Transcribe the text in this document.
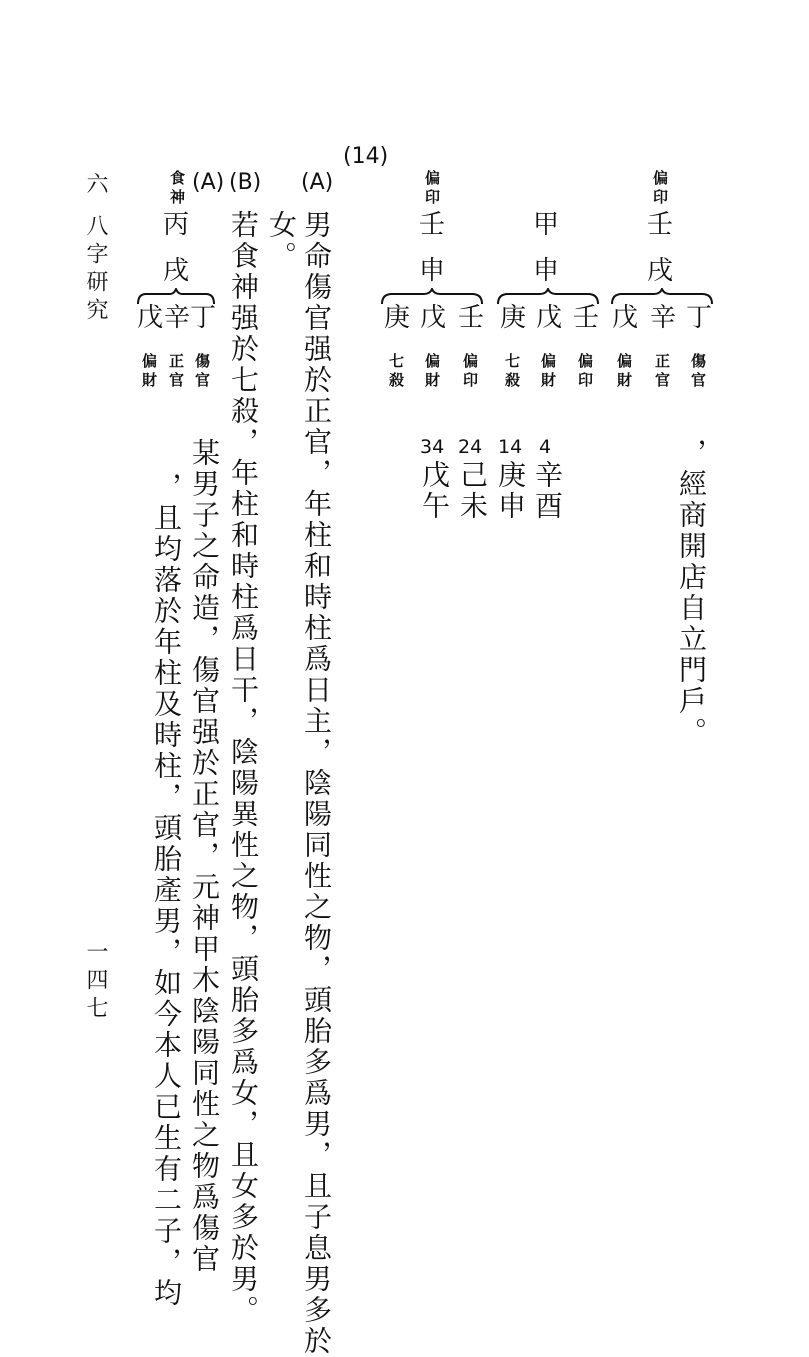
(14)
偏印
壬
戌
丁
辛
戊
傷官
正官
偏財
，經商開店自立門戶。
甲
申
偏印
壬
申
壬
戊
庚
壬
戊
庚
偏印
偏財
七殺
偏印
偏財
七殺
4
辛酉
14
庚申
24
己未
34
戊午
(A)
男命傷官强於正官，年柱和時柱爲日主，陰陽同性之物，頭胎多爲男，且子息男多於
女。
(B)
若食神强於七殺，年柱和時柱爲日干，陰陽異性之物，頭胎多爲女，且女多於男。
(A)
食神
丙
戌
丁
辛
戊
傷官
正官
偏財
某男子之命造，傷官强於正官，元神甲木陰陽同性之物爲傷官
，且均落於年柱及時柱，頭胎產男，如今本人已生有二子，均
六
八字研究
一四七
